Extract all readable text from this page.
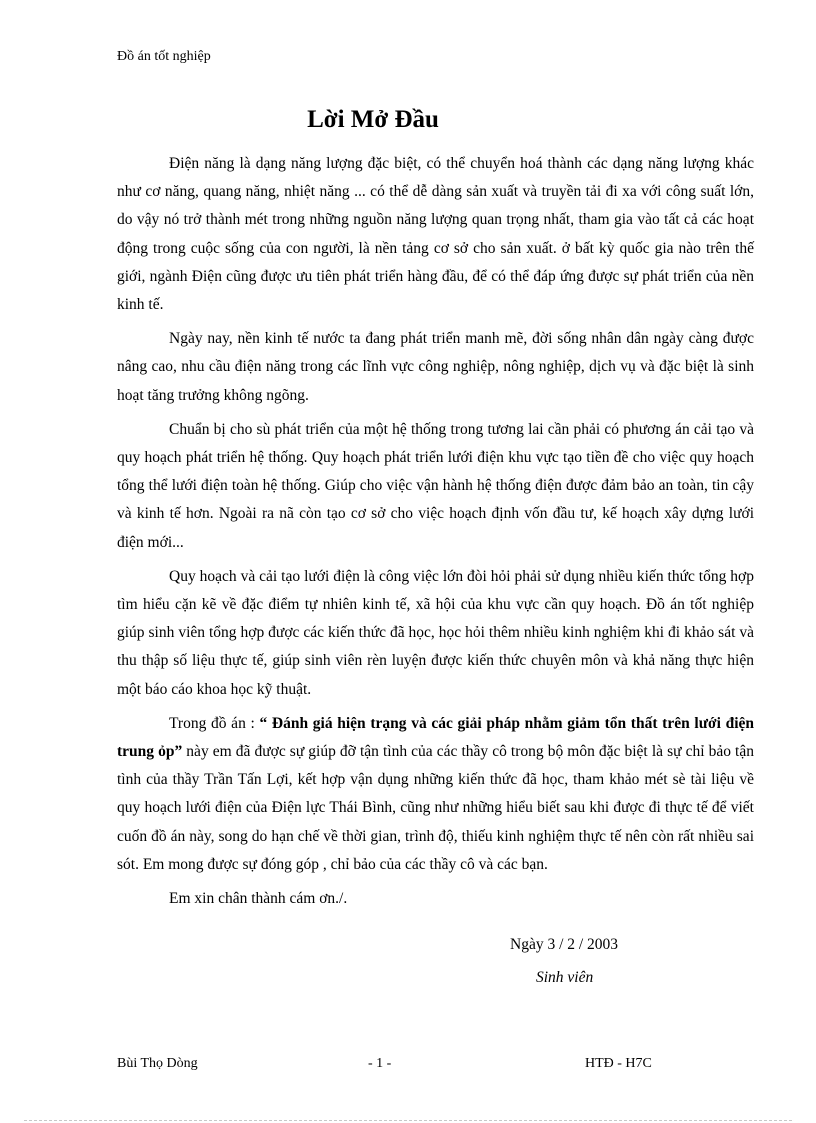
Đồ án tốt nghiệp
Lời Mở Đầu

Điện năng là dạng năng lượng đặc biệt, có thể chuyển hoá thành các dạng năng lượng khác như cơ năng, quang năng, nhiệt năng ... có thể dễ dàng sản xuất và truyền tải đi xa với công suất lớn, do vậy nó trở thành mét trong những nguồn năng lượng quan trọng nhất, tham gia vào tất cả các hoạt động trong cuộc sống của con người, là nền tảng cơ sở cho sản xuất. ở bất kỳ quốc gia nào trên thế giới, ngành Điện cũng được ưu tiên phát triển hàng đầu, để có thể đáp ứng được sự phát triển của nền kinh tế.

Ngày nay, nền kinh tế nước ta đang phát triển manh mẽ, đời sống nhân dân ngày càng được nâng cao, nhu cầu điện năng trong các lĩnh vực công nghiệp, nông nghiệp, dịch vụ và đặc biệt là sinh hoạt tăng trưởng không ngõng.

Chuẩn bị cho sù phát triển của một hệ thống trong tương lai cần phải có phương án cải tạo và quy hoạch phát triển hệ thống. Quy hoạch phát triển lưới điện khu vực tạo tiền đề cho việc quy hoạch tổng thể lưới điện toàn hệ thống. Giúp cho việc vận hành hệ thống điện được đảm bảo an toàn, tin cậy và kinh tế hơn. Ngoài ra nã còn tạo cơ sở cho việc hoạch định vốn đầu tư, kế hoạch xây dựng lưới điện mới...

Quy hoạch và cải tạo lưới điện là công việc lớn đòi hỏi phải sử dụng nhiều kiến thức tổng hợp tìm hiểu cặn kẽ về đặc điểm tự nhiên kinh tế, xã hội của khu vực cần quy hoạch. Đồ án tốt nghiệp giúp sinh viên tổng hợp được các kiến thức đã học, học hỏi thêm nhiều kinh nghiệm khi đi khảo sát và thu thập số liệu thực tế, giúp sinh viên rèn luyện được kiến thức chuyên môn và khả năng thực hiện một báo cáo khoa học kỹ thuật.

Trong đồ án : “ Đánh giá hiện trạng và các giải pháp nhằm giảm tổn thất trên lưới điện trung ỏp” này em đã được sự giúp đỡ tận tình của các thầy cô trong bộ môn đặc biệt là sự chỉ bảo tận tình của thầy Trần Tấn Lợi, kết hợp vận dụng những kiến thức đã học, tham khảo mét sè tài liệu về quy hoạch lưới điện của Điện lực Thái Bình, cũng như những hiểu biết sau khi được đi thực tế để viết cuốn đồ án này, song do hạn chế về thời gian, trình độ, thiếu kinh nghiệm thực tế nên còn rất nhiều sai sót. Em mong được sự đóng góp , chỉ bảo của các thầy cô và các bạn.

Em xin chân thành cám ơn./.

Ngày 3 / 2 / 2003
Sinh viên
Bùi Thọ Dòng	- 1 -	HTĐ - H7C
